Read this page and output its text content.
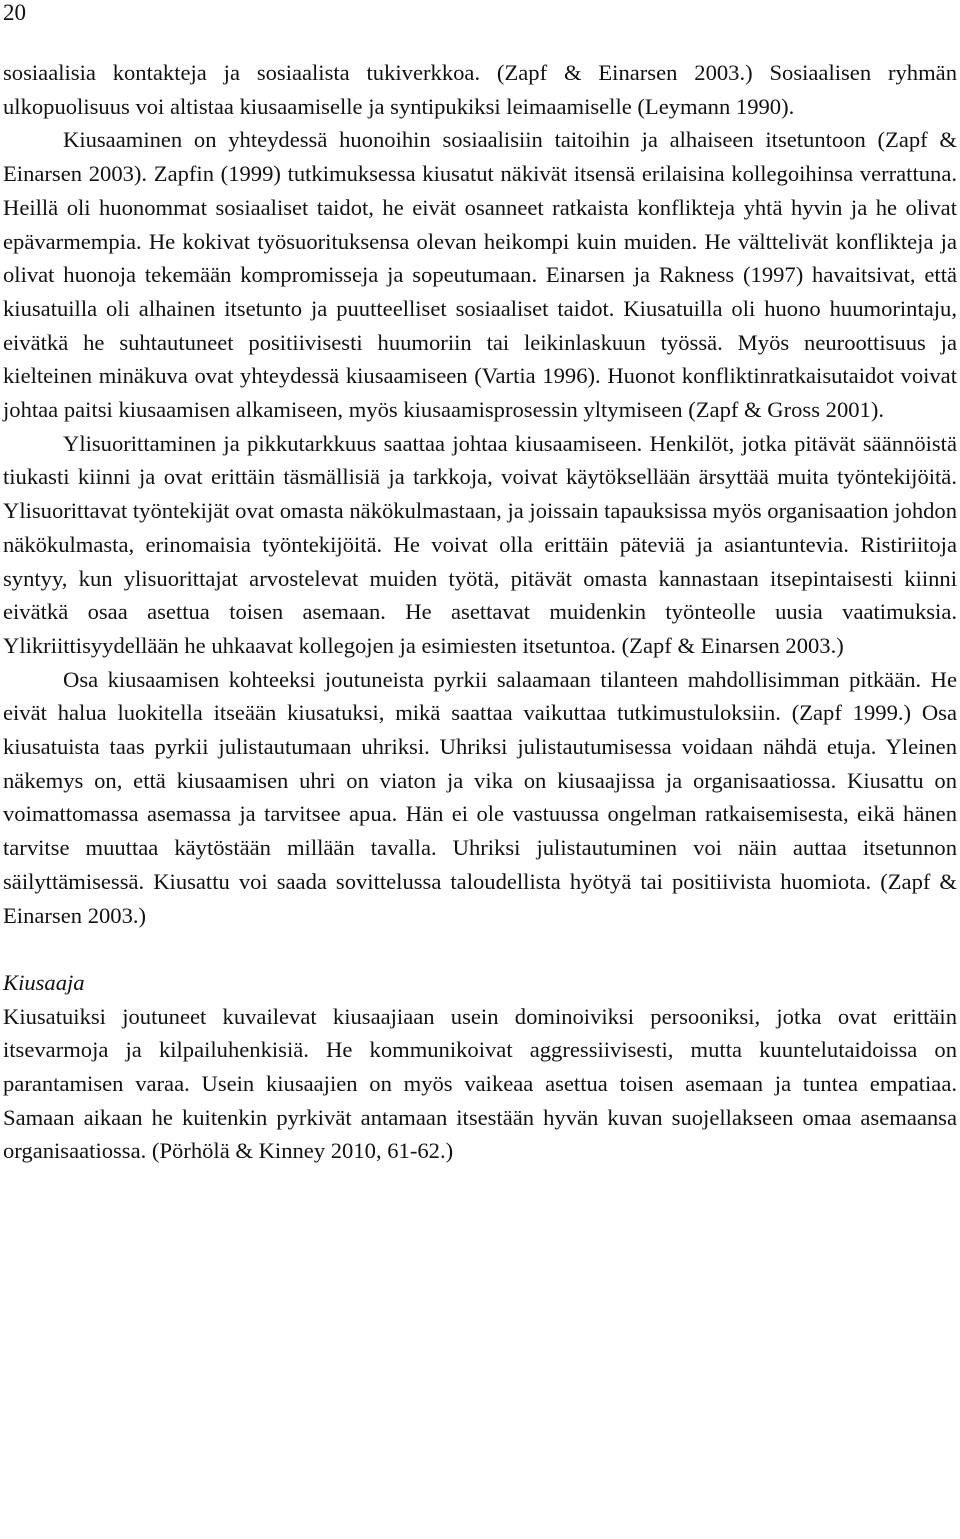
20

sosiaalisia kontakteja ja sosiaalista tukiverkkoa. (Zapf & Einarsen 2003.) Sosiaalisen ryhmän ulkopuolisuus voi altistaa kiusaamiselle ja syntipukiksi leimaamiselle (Leymann 1990).

Kiusaaminen on yhteydessä huonoihin sosiaalisiin taitoihin ja alhaiseen itsetuntoon (Zapf & Einarsen 2003). Zapfin (1999) tutkimuksessa kiusatut näkivät itsensä erilaisina kollegoihinsa verrattuna. Heillä oli huonommat sosiaaliset taidot, he eivät osanneet ratkaista konflikteja yhtä hyvin ja he olivat epävarmempia. He kokivat työsuorituksensa olevan heikompi kuin muiden. He välttelivät konflikteja ja olivat huonoja tekemään kompromisseja ja sopeutumaan. Einarsen ja Rakness (1997) havaitsivat, että kiusatuilla oli alhainen itsetunto ja puutteelliset sosiaaliset taidot. Kiusatuilla oli huono huumorintaju, eivätkä he suhtautuneet positiivisesti huumoriin tai leikinlaskuun työssä. Myös neuroottisuus ja kielteinen minäkuva ovat yhteydessä kiusaamiseen (Vartia 1996). Huonot konfliktinratkaisutaidot voivat johtaa paitsi kiusaamisen alkamiseen, myös kiusaamisprosessin yltymiseen (Zapf & Gross 2001).

Ylisuorittaminen ja pikkutarkkuus saattaa johtaa kiusaamiseen. Henkilöt, jotka pitävät säännöistä tiukasti kiinni ja ovat erittäin täsmällisiä ja tarkkoja, voivat käytöksellään ärsyttää muita työntekijöitä. Ylisuorittavat työntekijät ovat omasta näkökulmastaan, ja joissain tapauksissa myös organisaation johdon näkökulmasta, erinomaisia työntekijöitä. He voivat olla erittäin päteviä ja asiantuntevia. Ristiriitoja syntyy, kun ylisuorittajat arvostelevat muiden työtä, pitävät omasta kannastaan itsepintaisesti kiinni eivätkä osaa asettua toisen asemaan. He asettavat muidenkin työnteolle uusia vaatimuksia. Ylikriittisyydellään he uhkaavat kollegojen ja esimiesten itsetuntoa. (Zapf & Einarsen 2003.)

Osa kiusaamisen kohteeksi joutuneista pyrkii salaamaan tilanteen mahdollisimman pitkään. He eivät halua luokitella itseään kiusatuksi, mikä saattaa vaikuttaa tutkimustuloksiin. (Zapf 1999.) Osa kiusatuista taas pyrkii julistautumaan uhriksi. Uhriksi julistautumisessa voidaan nähdä etuja. Yleinen näkemys on, että kiusaamisen uhri on viaton ja vika on kiusaajissa ja organisaatiossa. Kiusattu on voimattomassa asemassa ja tarvitsee apua. Hän ei ole vastuussa ongelman ratkaisemisesta, eikä hänen tarvitse muuttaa käytöstään millään tavalla. Uhriksi julistautuminen voi näin auttaa itsetunnon säilyttämisessä. Kiusattu voi saada sovittelussa taloudellista hyötyä tai positiivista huomiota. (Zapf & Einarsen 2003.)

Kiusaaja

Kiusatuiksi joutuneet kuvailevat kiusaajiaan usein dominoiviksi persooniksi, jotka ovat erittäin itsevarmoja ja kilpailuhenkisiä. He kommunikoivat aggressiivisesti, mutta kuuntelutaidoissa on parantamisen varaa. Usein kiusaajien on myös vaikeaa asettua toisen asemaan ja tuntea empatiaa. Samaan aikaan he kuitenkin pyrkivät antamaan itsestään hyvän kuvan suojellakseen omaa asemaansa organisaatiossa. (Pörhölä & Kinney 2010, 61-62.)
